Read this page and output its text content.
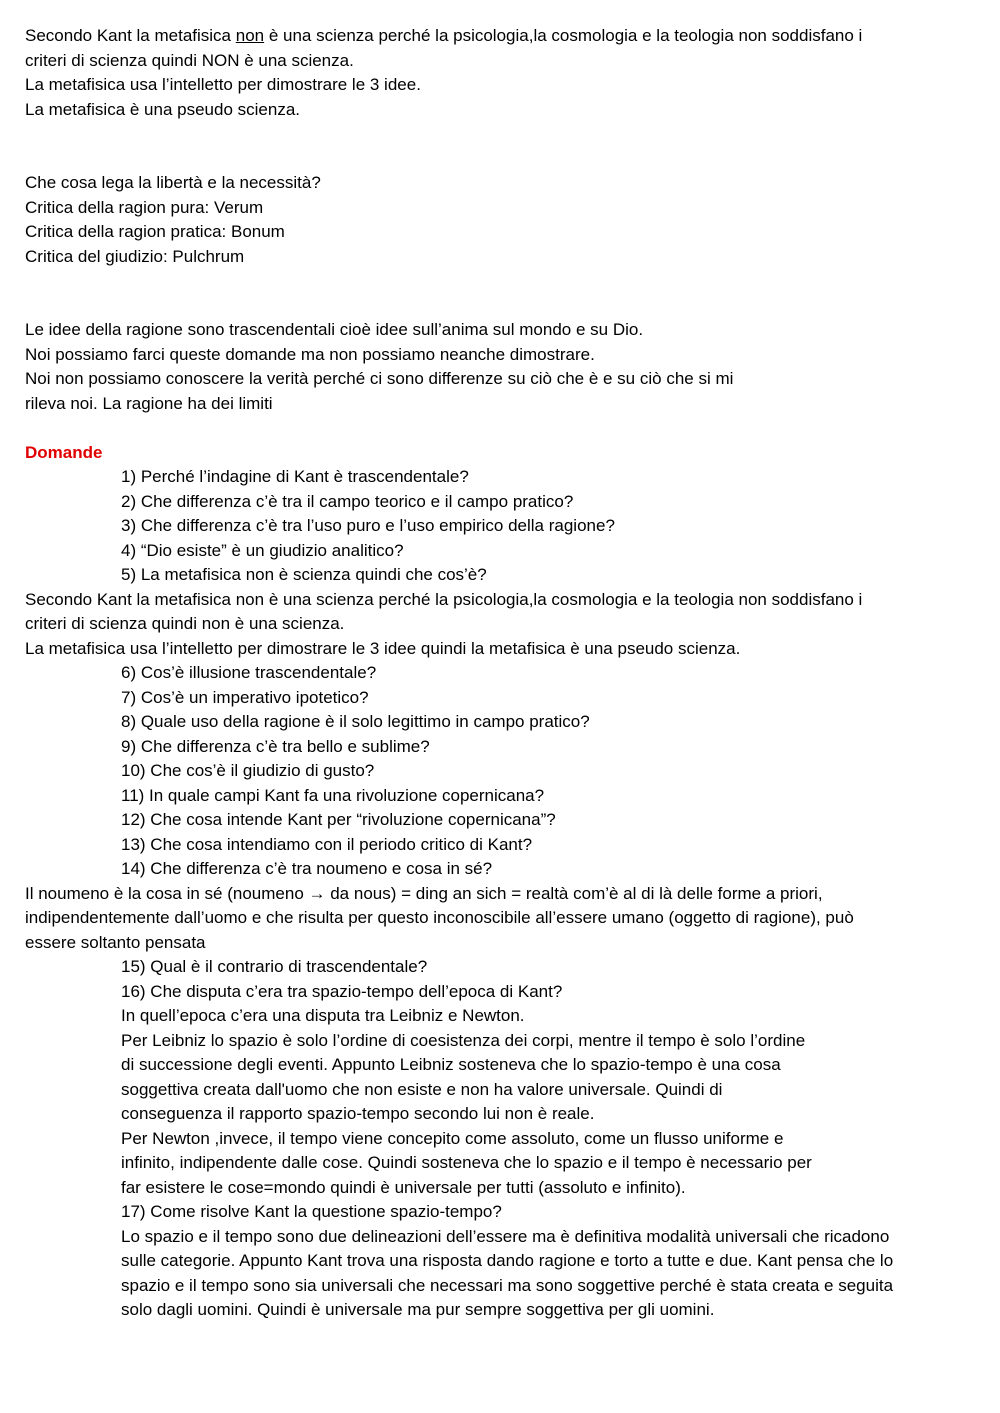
Secondo Kant la metafisica non è una scienza perché la psicologia,la cosmologia e la teologia non soddisfano i
criteri di scienza quindi NON è una scienza.
La metafisica usa l’intelletto per dimostrare le 3 idee.
La metafisica è una pseudo scienza.
Che cosa lega la libertà e la necessità?
Critica della ragion pura: Verum
Critica della ragion pratica: Bonum
Critica del giudizio: Pulchrum
Le idee della ragione sono trascendentali cioè idee sull’anima sul mondo e su Dio.
Noi possiamo farci queste domande ma non possiamo neanche dimostrare.
Noi non possiamo conoscere la verità perché ci sono differenze su ciò che è e su ciò che si mi
rileva noi. La ragione ha dei limiti
Domande
1) Perché l’indagine di Kant è trascendentale?
2) Che differenza c’è tra il campo teorico e il campo pratico?
3) Che differenza c’è tra l’uso puro e l’uso empirico della ragione?
4) “Dio esiste” è un giudizio analitico?
5) La metafisica non è scienza quindi che cos’è?
Secondo Kant la metafisica non è una scienza perché la psicologia,la cosmologia e la teologia non soddisfano i
criteri di scienza quindi non è una scienza.
La metafisica usa l’intelletto per dimostrare le 3 idee quindi la metafisica è una pseudo scienza.
6) Cos’è illusione trascendentale?
7) Cos’è un imperativo ipotetico?
8) Quale uso della ragione è il solo legittimo in campo pratico?
9) Che differenza c’è tra bello e sublime?
10) Che cos’è il giudizio di gusto?
11) In quale campi Kant fa una rivoluzione copernicana?
12) Che cosa intende Kant per “rivoluzione copernicana”?
13) Che cosa intendiamo con il periodo critico di Kant?
14) Che differenza c’è tra noumeno e cosa in sé?
Il noumeno è la cosa in sé (noumeno → da nous) = ding an sich = realtà com’è al di là delle forme a priori,
indipendentemente dall’uomo e che risulta per questo inconoscibile all’essere umano (oggetto di ragione), può
essere soltanto pensata
15) Qual è il contrario di trascendentale?
16) Che disputa c’era tra spazio-tempo dell’epoca di Kant?
In quell’epoca c’era una disputa tra Leibniz e Newton.
Per Leibniz lo spazio è solo l’ordine di coesistenza dei corpi, mentre il tempo è solo l’ordine
di successione degli eventi. Appunto Leibniz sosteneva che lo spazio-tempo è una cosa
soggettiva creata dall'uomo che non esiste e non ha valore universale. Quindi di
conseguenza il rapporto spazio-tempo secondo lui non è reale.
Per Newton ,invece, il tempo viene concepito come assoluto, come un flusso uniforme e
infinito, indipendente dalle cose. Quindi sosteneva che lo spazio e il tempo è necessario per
far esistere le cose=mondo quindi è universale per tutti (assoluto e infinito).
17) Come risolve Kant la questione spazio-tempo?
Lo spazio e il tempo sono due delineazioni dell’essere ma è definitiva modalità universali che ricadono
sulle categorie. Appunto Kant trova una risposta dando ragione e torto a tutte e due. Kant pensa che lo
spazio e il tempo sono sia universali che necessari ma sono soggettive perché è stata creata e seguita
solo dagli uomini. Quindi è universale ma pur sempre soggettiva per gli uomini.
